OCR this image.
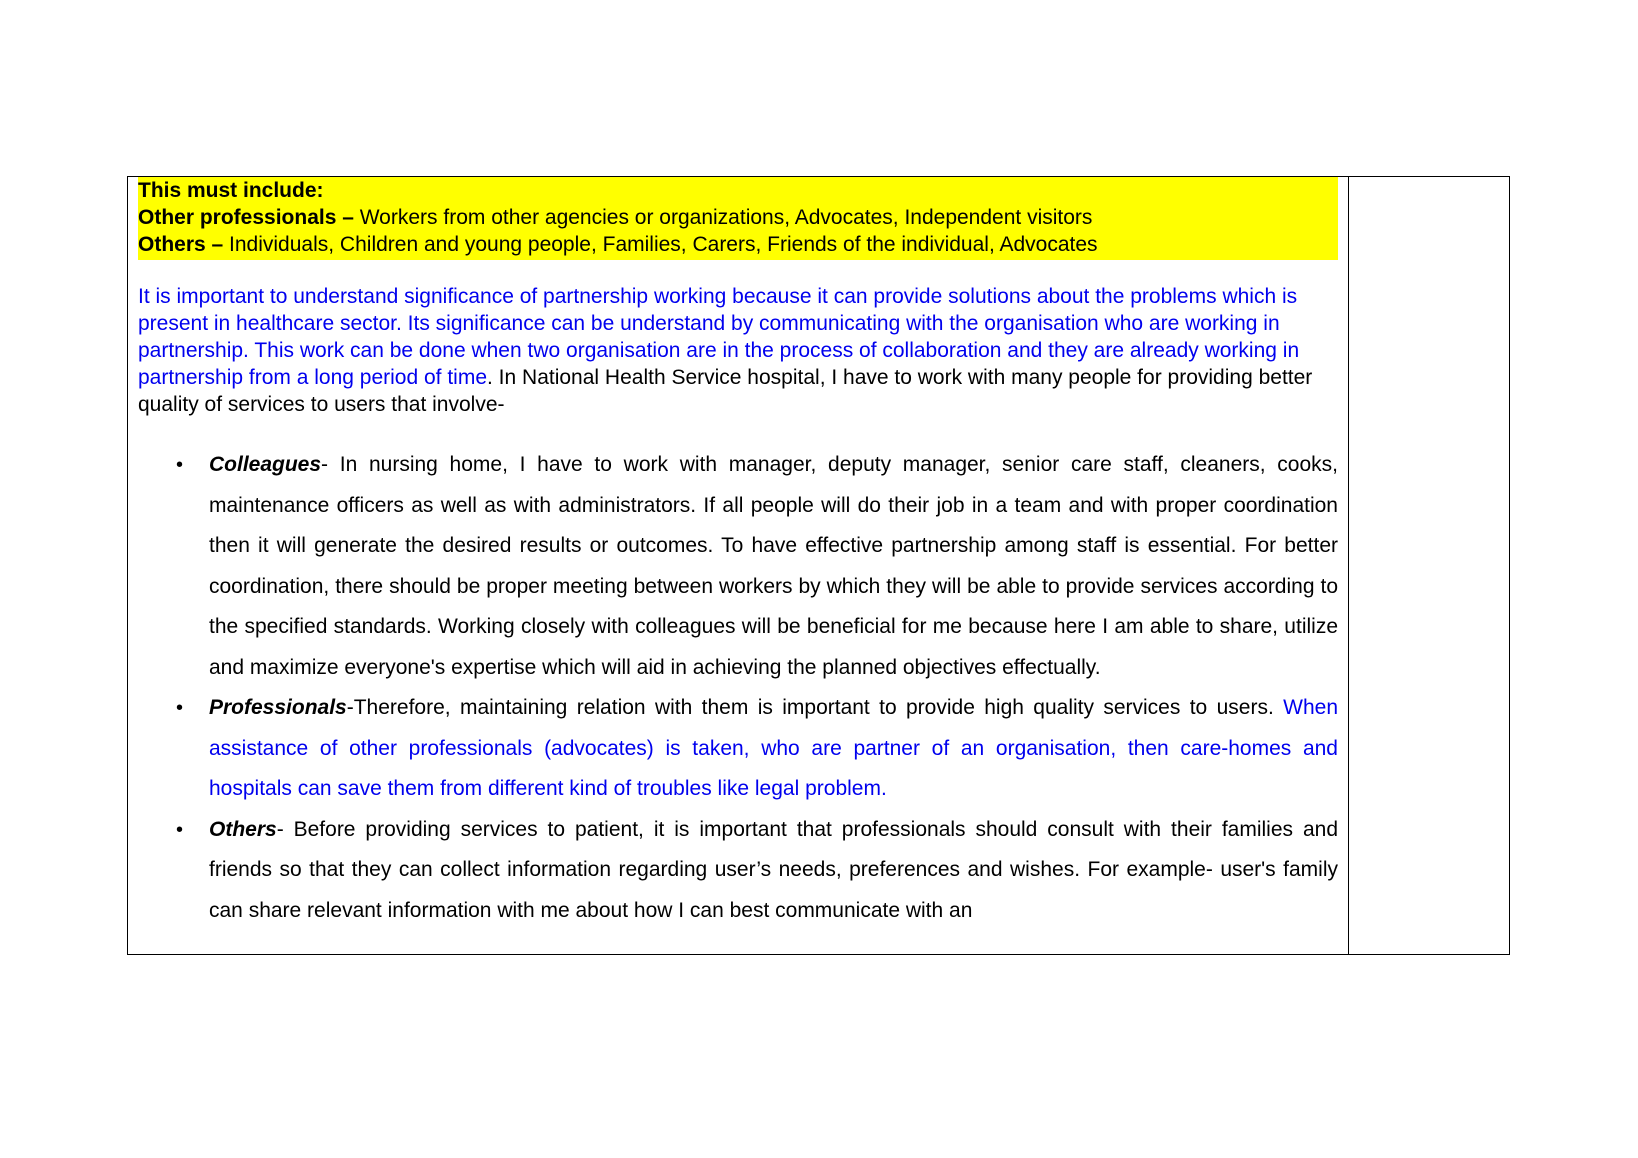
This must include:
Other professionals – Workers from other agencies or organizations, Advocates, Independent visitors
Others – Individuals, Children and young people, Families, Carers, Friends of the individual, Advocates
It is important to understand significance of partnership working because it can provide solutions about the problems which is present in healthcare sector. Its significance can be understand by communicating with the organisation who are working in partnership. This work can be done when two organisation are in the process of collaboration and they are already working in partnership from a long period of time. In National Health Service hospital, I have to work with many people for providing better quality of services to users that involve-
• Colleagues- In nursing home, I have to work with manager, deputy manager, senior care staff, cleaners, cooks, maintenance officers as well as with administrators. If all people will do their job in a team and with proper coordination then it will generate the desired results or outcomes. To have effective partnership among staff is essential. For better coordination, there should be proper meeting between workers by which they will be able to provide services according to the specified standards. Working closely with colleagues will be beneficial for me because here I am able to share, utilize and maximize everyone's expertise which will aid in achieving the planned objectives effectually.
• Professionals-Therefore, maintaining relation with them is important to provide high quality services to users. When assistance of other professionals (advocates) is taken, who are partner of an organisation, then care-homes and hospitals can save them from different kind of troubles like legal problem.
• Others- Before providing services to patient, it is important that professionals should consult with their families and friends so that they can collect information regarding user’s needs, preferences and wishes. For example- user's family can share relevant information with me about how I can best communicate with an
